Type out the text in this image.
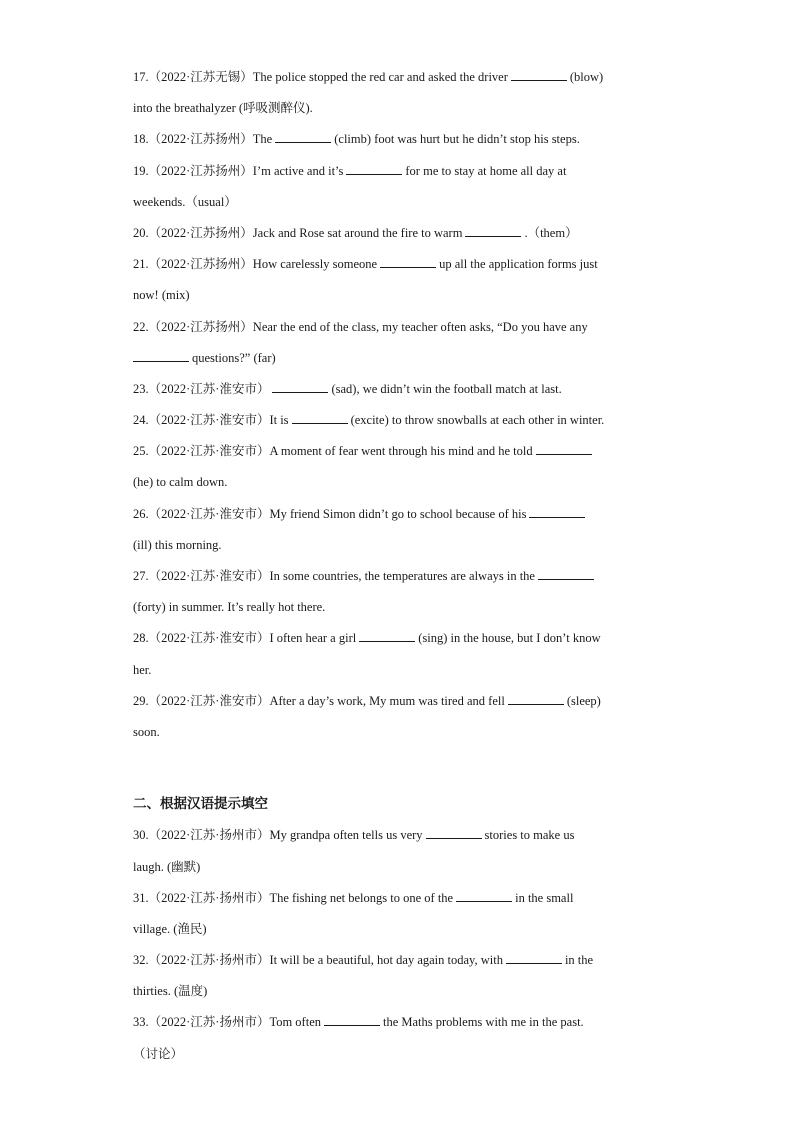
17.（2022·江苏无锡）The police stopped the red car and asked the driver	(blow)
into the breathalyzer (呼吸测醉仪).
18.（2022·江苏扬州）The	(climb) foot was hurt but he didn’t stop his steps.
19.（2022·江苏扬州）I’m active and it’s	for me to stay at home all day at
weekends.（usual）
20.（2022·江苏扬州）Jack and Rose sat around the fire to warm	.（them）
21.（2022·江苏扬州）How carelessly someone	up all the application forms just
now! (mix)
22.（2022·江苏扬州）Near the end of the class, my teacher often asks, “Do you have any
questions?” (far)
23.（2022·江苏·淮安市）	(sad), we didn’t win the football match at last.
24.（2022·江苏·淮安市）It is	(excite) to throw snowballs at each other in winter.
25.（2022·江苏·淮安市）A moment of fear went through his mind and he told
(he) to calm down.
26.（2022·江苏·淮安市）My friend Simon didn’t go to school because of his
(ill) this morning.
27.（2022·江苏·淮安市）In some countries, the temperatures are always in the
(forty) in summer. It’s really hot there.
28.（2022·江苏·淮安市）I often hear a girl	(sing) in the house, but I don’t know
her.
29.（2022·江苏·淮安市）After a day’s work, My mum was tired and fell	(sleep)
soon.
二、根据汉语提示填空
30.（2022·江苏·扬州市）My grandpa often tells us very	stories to make us
laugh. (幽默)
31.（2022·江苏·扬州市）The fishing net belongs to one of the	in the small
village. (渔民)
32.（2022·江苏·扬州市）It will be a beautiful, hot day again today, with	in the
thirties. (温度)
33.（2022·江苏·扬州市）Tom often	the Maths problems with me in the past.
（讨论）
